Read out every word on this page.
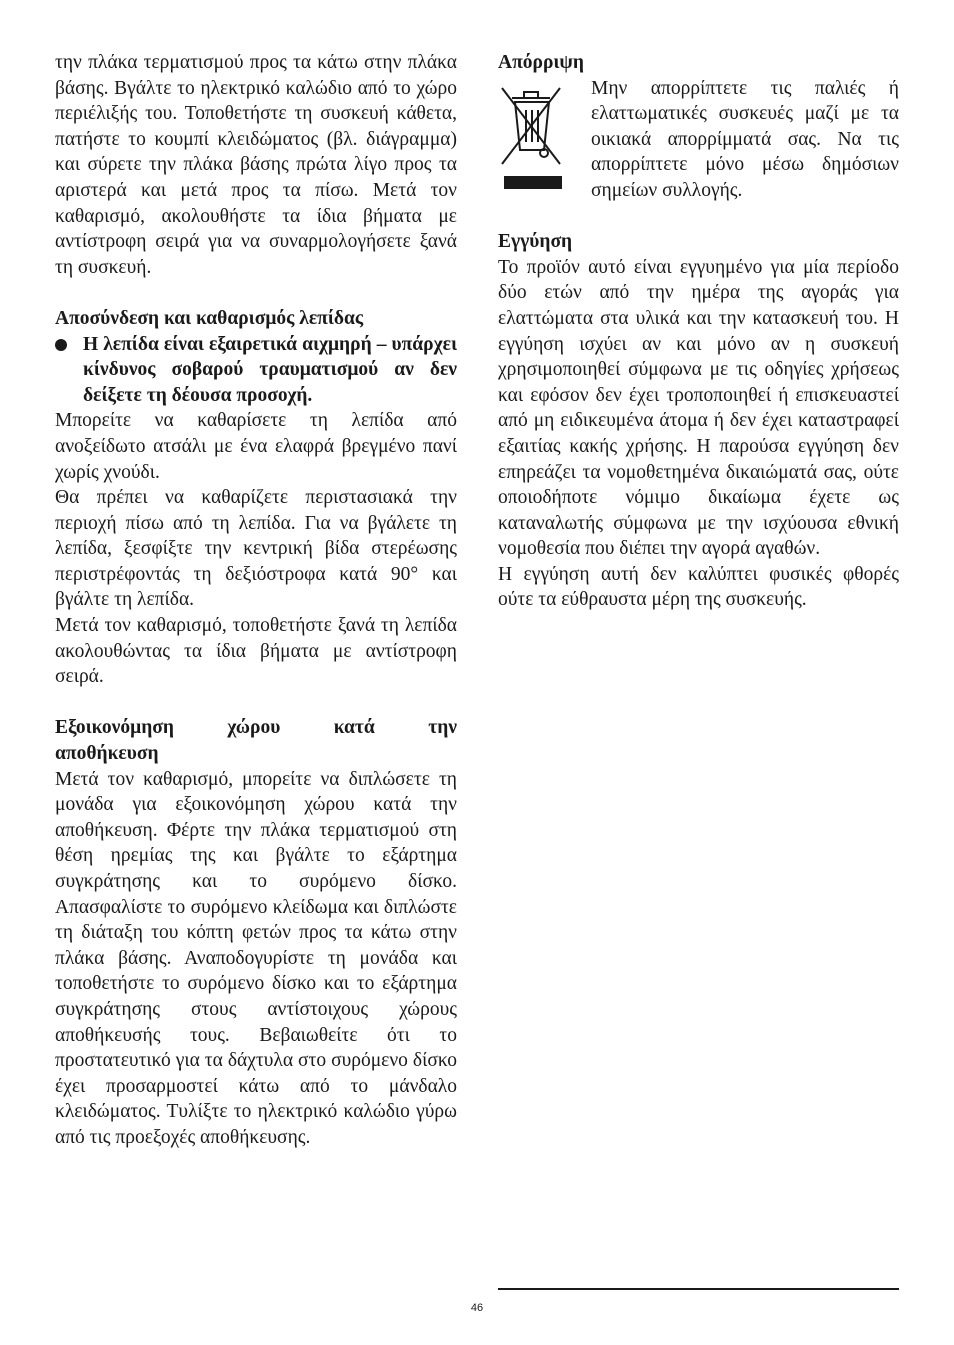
την πλάκα τερματισμού προς τα κάτω στην πλάκα βάσης. Βγάλτε το ηλεκτρικό καλώδιο από το χώρο περιέλιξής του. Τοποθετήστε τη συσκευή κάθετα, πατήστε το κουμπί κλειδώματος (βλ. διάγραμμα) και σύρετε την πλάκα βάσης πρώτα λίγο προς τα αριστερά και μετά προς τα πίσω. Μετά τον καθαρισμό, ακολουθήστε τα ίδια βήματα με αντίστροφη σειρά για να συναρμολογήσετε ξανά τη συσκευή.

Αποσύνδεση και καθαρισμός λεπίδας

Η λεπίδα είναι εξαιρετικά αιχμηρή – υπάρχει κίνδυνος σοβαρού τραυματισμού αν δεν δείξετε τη δέουσα προσοχή.

Μπορείτε να καθαρίσετε τη λεπίδα από ανοξείδωτο ατσάλι με ένα ελαφρά βρεγμένο πανί χωρίς χνούδι.

Θα πρέπει να καθαρίζετε περιστασιακά την περιοχή πίσω από τη λεπίδα. Για να βγάλετε τη λεπίδα, ξεσφίξτε την κεντρική βίδα στερέωσης περιστρέφοντάς τη δεξιόστροφα κατά 90° και βγάλτε τη λεπίδα.

Μετά τον καθαρισμό, τοποθετήστε ξανά τη λεπίδα ακολουθώντας τα ίδια βήματα με αντίστροφη σειρά.

Εξοικονόμηση	χώρου	κατά	την

αποθήκευση

Μετά τον καθαρισμό, μπορείτε να διπλώσετε τη μονάδα για εξοικονόμηση χώρου κατά την αποθήκευση. Φέρτε την πλάκα τερματισμού στη θέση ηρεμίας της και βγάλτε το εξάρτημα συγκράτησης και το συρόμενο δίσκο. Απασφαλίστε το συρόμενο κλείδωμα και διπλώστε τη διάταξη του κόπτη φετών προς τα κάτω στην πλάκα βάσης. Αναποδογυρίστε τη μονάδα και τοποθετήστε το συρόμενο δίσκο και το εξάρτημα συγκράτησης στους αντίστοιχους χώρους αποθήκευσής τους. Βεβαιωθείτε ότι το προστατευτικό για τα δάχτυλα στο συρόμενο δίσκο έχει προσαρμοστεί κάτω από το μάνδαλο κλειδώματος. Τυλίξτε το ηλεκτρικό καλώδιο γύρω από τις προεξοχές αποθήκευσης.

Απόρριψη

Μην απορρίπτετε τις παλιές ή ελαττωματικές συσκευές μαζί με τα οικιακά απορρίμματά σας. Να τις απορρίπτετε μόνο μέσω δημόσιων σημείων συλλογής.

Εγγύηση

Το προϊόν αυτό είναι εγγυημένο για μία περίοδο δύο ετών από την ημέρα της αγοράς για ελαττώματα στα υλικά και την κατασκευή του. Η εγγύηση ισχύει αν και μόνο αν η συσκευή χρησιμοποιηθεί σύμφωνα με τις οδηγίες χρήσεως και εφόσον δεν έχει τροποποιηθεί ή επισκευαστεί από μη ειδικευμένα άτομα ή δεν έχει καταστραφεί εξαιτίας κακής χρήσης. Η παρούσα εγγύηση δεν επηρεάζει τα νομοθετημένα δικαιώματά σας, ούτε οποιοδήποτε νόμιμο δικαίωμα έχετε ως καταναλωτής σύμφωνα με την ισχύουσα εθνική νομοθεσία που διέπει την αγορά αγαθών.

Η εγγύηση αυτή δεν καλύπτει φυσικές φθορές ούτε τα εύθραυστα μέρη της συσκευής.

46
